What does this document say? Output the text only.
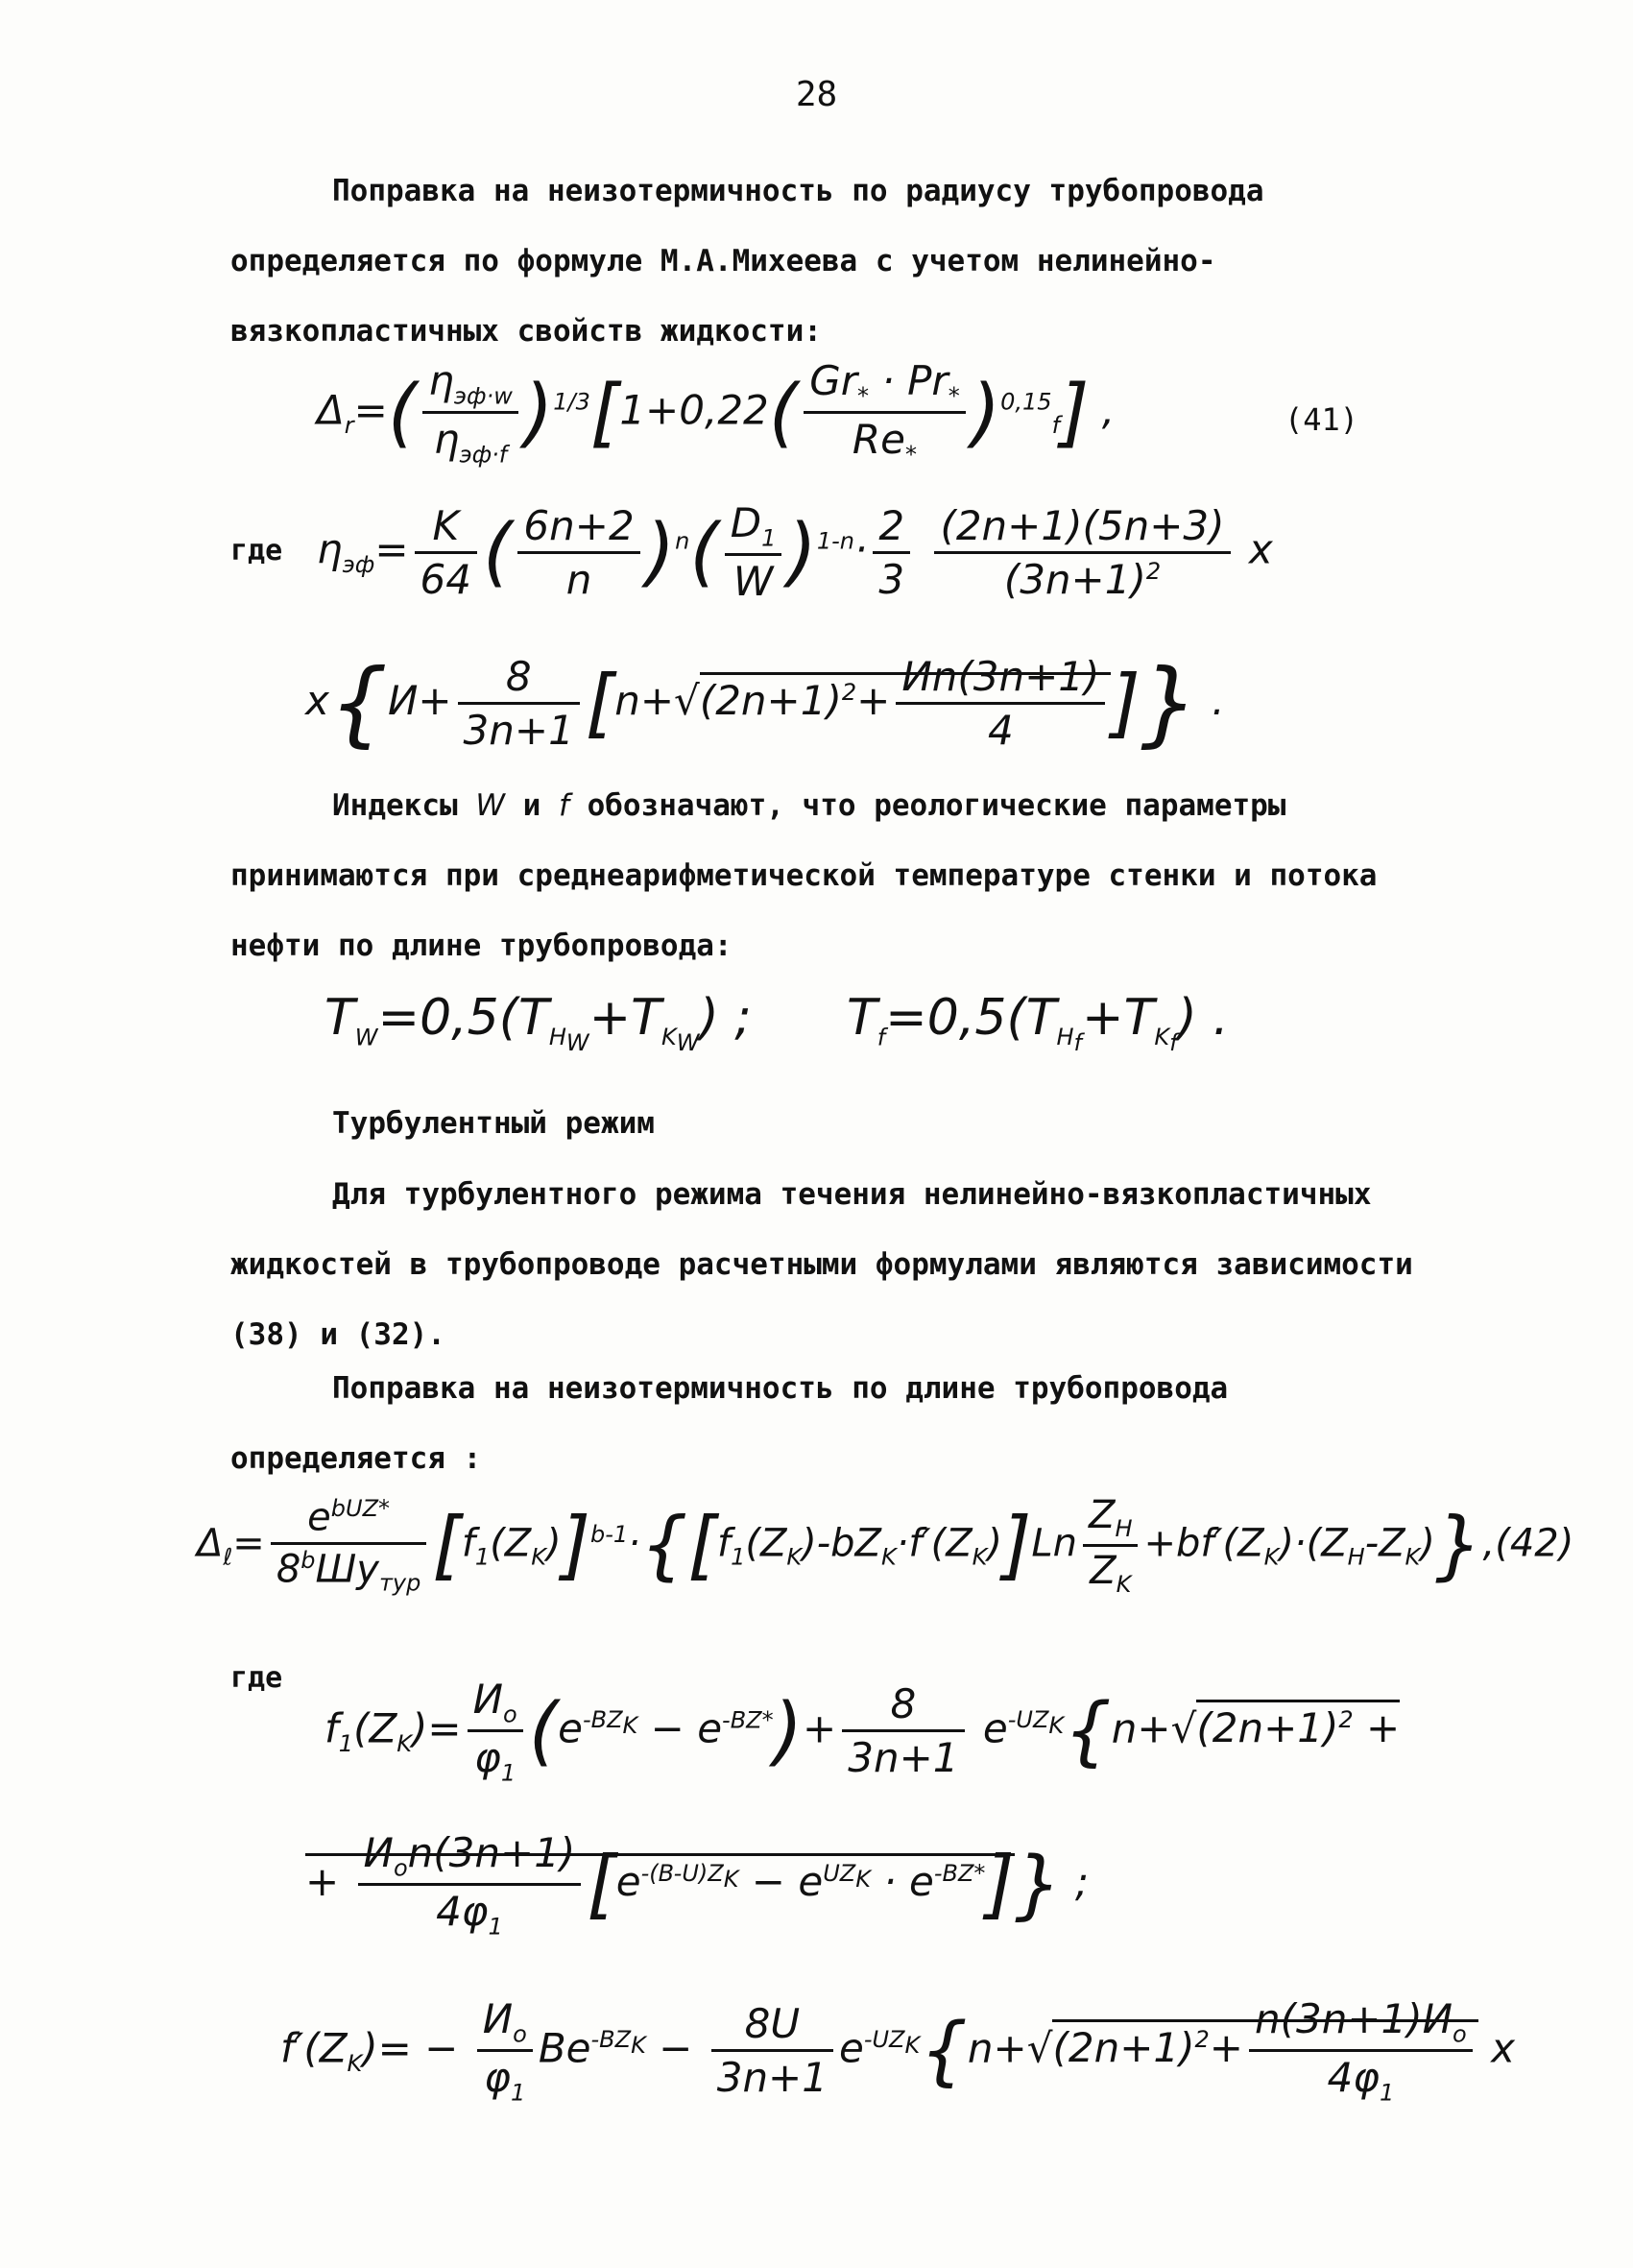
28
Поправка на неизотермичность по радиусу трубопровода определяется по формуле М.А.Михеева с учетом нелинейно-вязкопластичных свойств жидкости:
$\Delta_r=( \frac{\eta_{эф\cdot w}}{\eta_{эф\cdot f}} )^{1/3}[1+0,22( \frac{Gr_* \cdot Pr_*}{Re_*} )^{0,15}_f]$ ,	(41)
где $\eta_{эф}= \frac{K}{64}$ ( $\frac{6n+2}{n} )^n( \frac{D_1}{W} )^{1-n}\cdot \frac{2}{3}$
$\frac{(2n+1)(5n+3)}{(3n+1)^2}$ x
$x\{И+ \frac{8}{3n+1} [n+√(2n+1)^2+ \frac{Иn(3n+1)}{4}$ ]} .
Индексы W и f обозначают, что реологические параметры принимаются при среднеарифметической температуре стенки и потока нефти по длине трубопровода:
$T_W=0,5(T_{H_W}+T_{K_W})$ ;      $T_f=0,5(T_{H_f}+T_{K_f})$ .
Турбулентный режим
Для турбулентного режима течения нелинейно-вязкопластичных жидкостей в трубопроводе расчетными формулами являются зависимости (38) и (32).
Поправка на неизотермичность по длине трубопровода определяется :
$\Delta_\ell= \frac{e^{bUZ*}}{8^bШу_{тур}} [f_1(Z_K)]^{b-1}\cdot\{[f_1(Z_K)-bZ_K\cdot f'(Z_K)]Ln \frac{Z_H}{Z_K} +bf'(Z_K)\cdot(Z_H-Z_K)\},(42)$
где
$f_1(Z_K)= \frac{И_o}{\varphi_1} (e^{-BZ_K} - e^{-BZ*})+ \frac{8}{3n+1} e^{-UZ_K}\{n+√(2n+1)^2$ +
+ $\frac{И_on(3n+1)}{4\varphi_1} [e^{-(B-U)Z_K} - e^{UZ_K} \cdot e^{-BZ*}]$} ;
$f'(Z_K)= - \frac{И_o}{\varphi_1} Be^{-BZ_K} - \frac{8U}{3n+1} e^{-UZ_K}\{n+√(2n+1)^2+ \frac{n(3n+1)И_o}{4\varphi_1}$ x
